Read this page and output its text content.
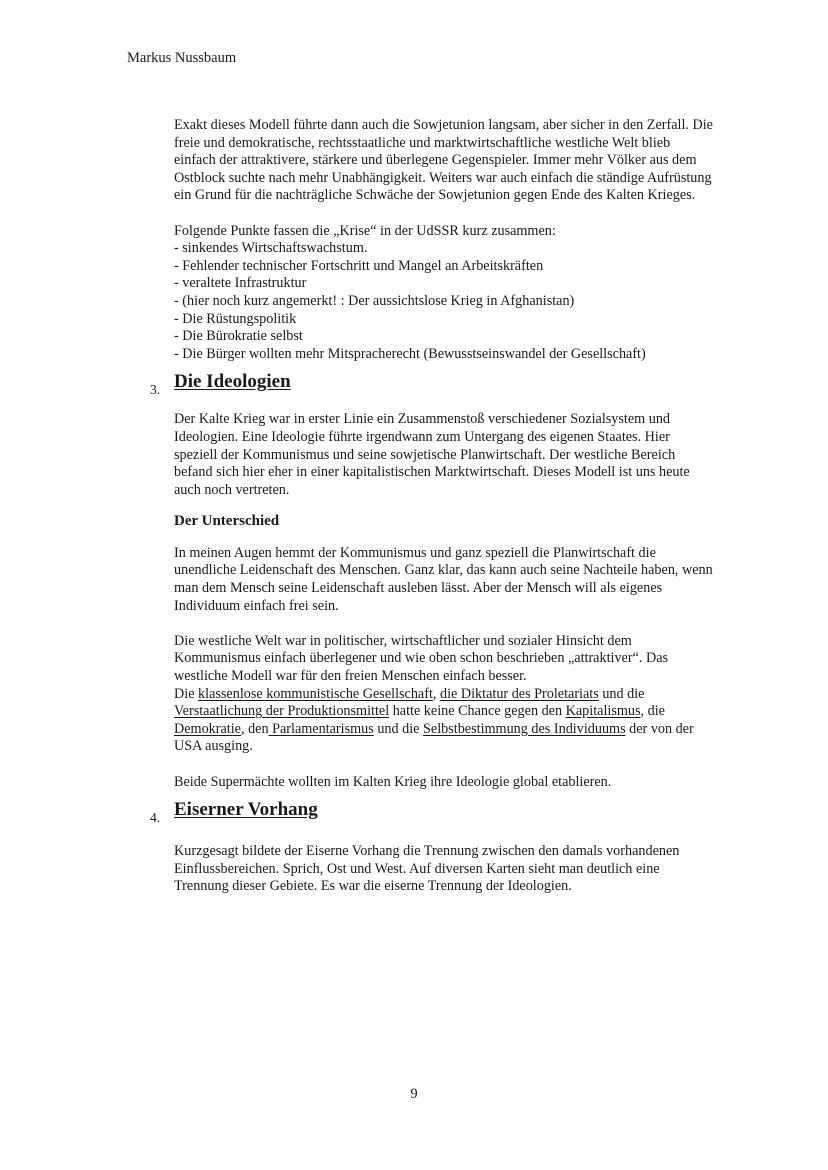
Markus Nussbaum

Exakt dieses Modell führte dann auch die Sowjetunion langsam, aber sicher in den Zerfall. Die freie und demokratische, rechtsstaatliche und marktwirtschaftliche westliche Welt blieb einfach der attraktivere, stärkere und überlegene Gegenspieler. Immer mehr Völker aus dem Ostblock suchte nach mehr Unabhängigkeit. Weiters war auch einfach die ständige Aufrüstung ein Grund für die nachträgliche Schwäche der Sowjetunion gegen Ende des Kalten Krieges.

Folgende Punkte fassen die „Krise“ in der UdSSR kurz zusammen:

- sinkendes Wirtschaftswachstum.
- Fehlender technischer Fortschritt und Mangel an Arbeitskräften
- veraltete Infrastruktur
- (hier noch kurz angemerkt! : Der aussichtslose Krieg in Afghanistan)
- Die Rüstungspolitik
- Die Bürokratie selbst
- Die Bürger wollten mehr Mitspracherecht (Bewusstseinswandel der Gesellschaft)
3. Die Ideologien

Der Kalte Krieg war in erster Linie ein Zusammenstoß verschiedener Sozialsystem und Ideologien. Eine Ideologie führte irgendwann zum Untergang des eigenen Staates. Hier speziell der Kommunismus und seine sowjetische Planwirtschaft. Der westliche Bereich befand sich hier eher in einer kapitalistischen Marktwirtschaft. Dieses Modell ist uns heute auch noch vertreten.

Der Unterschied

In meinen Augen hemmt der Kommunismus und ganz speziell die Planwirtschaft die unendliche Leidenschaft des Menschen. Ganz klar, das kann auch seine Nachteile haben, wenn man dem Mensch seine Leidenschaft ausleben lässt. Aber der Mensch will als eigenes Individuum einfach frei sein.

Die westliche Welt war in politischer, wirtschaftlicher und sozialer Hinsicht dem Kommunismus einfach überlegener und wie oben schon beschrieben „attraktiver“. Das westliche Modell war für den freien Menschen einfach besser.

Die klassenlose kommunistische Gesellschaft, die Diktatur des Proletariats und die Verstaatlichung der Produktionsmittel hatte keine Chance gegen den Kapitalismus, die Demokratie, den Parlamentarismus und die Selbstbestimmung des Individuums der von der USA ausging.

Beide Supermächte wollten im Kalten Krieg ihre Ideologie global etablieren.

4. Eiserner Vorhang

Kurzgesagt bildete der Eiserne Vorhang die Trennung zwischen den damals vorhandenen Einflussbereichen. Sprich, Ost und West. Auf diversen Karten sieht man deutlich eine Trennung dieser Gebiete. Es war die eiserne Trennung der Ideologien.

9
